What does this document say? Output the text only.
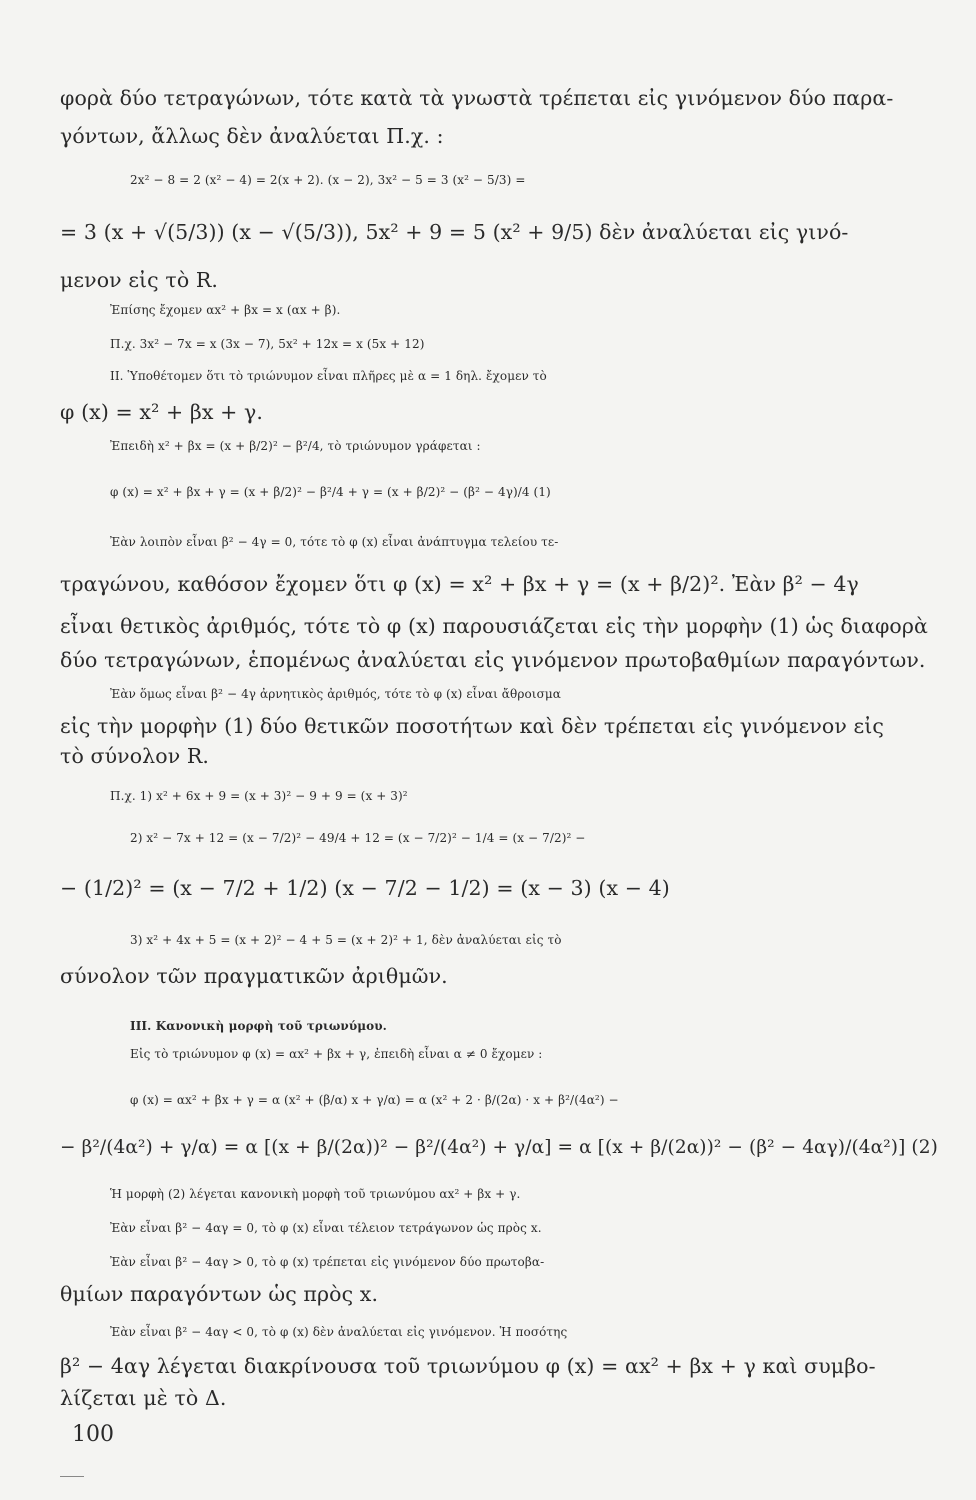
φορὰ δύο τετραγώνων, τότε κατὰ τὰ γνωστὰ τρέπεται εἰς γινόμενον δύο παρα-
γόντων, ἄλλως δὲν ἀναλύεται Π.χ. :
2x² − 8 = 2 (x² − 4) = 2(x + 2). (x − 2), 3x² − 5 = 3 (x² − 5/3) =
= 3 (x + √(5/3)) (x − √(5/3)), 5x² + 9 = 5 (x² + 9/5) δὲν ἀναλύεται εἰς γινό-
μενον εἰς τὸ R.
Ἐπίσης ἔχομεν αx² + βx = x (αx + β).
Π.χ. 3x² − 7x = x (3x − 7), 5x² + 12x = x (5x + 12)
II. Ὑποθέτομεν ὅτι τὸ τριώνυμον εἶναι πλῆρες μὲ α = 1 δηλ. ἔχομεν τὸ
φ (x) = x² + βx + γ.
Ἐπειδὴ x² + βx = (x + β/2)² − β²/4, τὸ τριώνυμον γράφεται :
φ (x) = x² + βx + γ = (x + β/2)² − β²/4 + γ = (x + β/2)² − (β² − 4γ)/4 (1)
Ἐὰν λοιπὸν εἶναι β² − 4γ = 0, τότε τὸ φ (x) εἶναι ἀνάπτυγμα τελείου τε-
τραγώνου, καθόσον ἔχομεν ὅτι φ (x) = x² + βx + γ = (x + β/2)². Ἐὰν β² − 4γ
εἶναι θετικὸς ἀριθμός, τότε τὸ φ (x) παρουσιάζεται εἰς τὴν μορφὴν (1) ὡς διαφορὰ
δύο τετραγώνων, ἑπομένως ἀναλύεται εἰς γινόμενον πρωτοβαθμίων παραγόντων.
Ἐὰν ὅμως εἶναι β² − 4γ ἀρνητικὸς ἀριθμός, τότε τὸ φ (x) εἶναι ἄθροισμα
εἰς τὴν μορφὴν (1) δύο θετικῶν ποσοτήτων καὶ δὲν τρέπεται εἰς γινόμενον εἰς
τὸ σύνολον R.
Π.χ. 1) x² + 6x + 9 = (x + 3)² − 9 + 9 = (x + 3)²
2) x² − 7x + 12 = (x − 7/2)² − 49/4 + 12 = (x − 7/2)² − 1/4 = (x − 7/2)² −
− (1/2)² = (x − 7/2 + 1/2) (x − 7/2 − 1/2) = (x − 3) (x − 4)
3) x² + 4x + 5 = (x + 2)² − 4 + 5 = (x + 2)² + 1, δὲν ἀναλύεται εἰς τὸ
σύνολον τῶν πραγματικῶν ἀριθμῶν.
III. Κανονικὴ μορφὴ τοῦ τριωνύμου.
Εἰς τὸ τριώνυμον φ (x) = αx² + βx + γ, ἐπειδὴ εἶναι α ≠ 0 ἔχομεν :
φ (x) = αx² + βx + γ = α (x² + (β/α) x + γ/α) = α (x² + 2 · β/(2α) · x + β²/(4α²) −
− β²/(4α²) + γ/α) = α [(x + β/(2α))² − β²/(4α²) + γ/α] = α [(x + β/(2α))² − (β² − 4αγ)/(4α²)] (2)
Ἡ μορφὴ (2) λέγεται κανονικὴ μορφὴ τοῦ τριωνύμου αx² + βx + γ.
Ἐὰν εἶναι β² − 4αγ = 0, τὸ φ (x) εἶναι τέλειον τετράγωνον ὡς πρὸς x.
Ἐὰν εἶναι β² − 4αγ > 0, τὸ φ (x) τρέπεται εἰς γινόμενον δύο πρωτοβα-
θμίων παραγόντων ὡς πρὸς x.
Ἐὰν εἶναι β² − 4αγ < 0, τὸ φ (x) δὲν ἀναλύεται εἰς γινόμενον. Ἡ ποσότης
β² − 4αγ λέγεται διακρίνουσα τοῦ τριωνύμου φ (x) = αx² + βx + γ καὶ συμβο-
λίζεται μὲ τὸ Δ.
100
